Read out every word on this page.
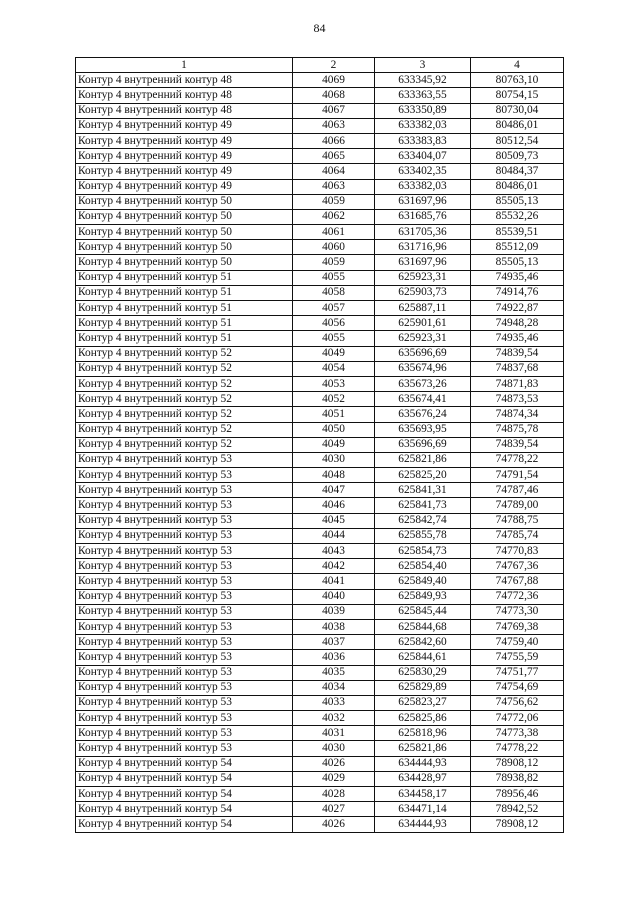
84
1	2	3	4
Контур 4 внутренний контур 48	4069	633345,92	80763,10
Контур 4 внутренний контур 48	4068	633363,55	80754,15
Контур 4 внутренний контур 48	4067	633350,89	80730,04
Контур 4 внутренний контур 49	4063	633382,03	80486,01
Контур 4 внутренний контур 49	4066	633383,83	80512,54
Контур 4 внутренний контур 49	4065	633404,07	80509,73
Контур 4 внутренний контур 49	4064	633402,35	80484,37
Контур 4 внутренний контур 49	4063	633382,03	80486,01
Контур 4 внутренний контур 50	4059	631697,96	85505,13
Контур 4 внутренний контур 50	4062	631685,76	85532,26
Контур 4 внутренний контур 50	4061	631705,36	85539,51
Контур 4 внутренний контур 50	4060	631716,96	85512,09
Контур 4 внутренний контур 50	4059	631697,96	85505,13
Контур 4 внутренний контур 51	4055	625923,31	74935,46
Контур 4 внутренний контур 51	4058	625903,73	74914,76
Контур 4 внутренний контур 51	4057	625887,11	74922,87
Контур 4 внутренний контур 51	4056	625901,61	74948,28
Контур 4 внутренний контур 51	4055	625923,31	74935,46
Контур 4 внутренний контур 52	4049	635696,69	74839,54
Контур 4 внутренний контур 52	4054	635674,96	74837,68
Контур 4 внутренний контур 52	4053	635673,26	74871,83
Контур 4 внутренний контур 52	4052	635674,41	74873,53
Контур 4 внутренний контур 52	4051	635676,24	74874,34
Контур 4 внутренний контур 52	4050	635693,95	74875,78
Контур 4 внутренний контур 52	4049	635696,69	74839,54
Контур 4 внутренний контур 53	4030	625821,86	74778,22
Контур 4 внутренний контур 53	4048	625825,20	74791,54
Контур 4 внутренний контур 53	4047	625841,31	74787,46
Контур 4 внутренний контур 53	4046	625841,73	74789,00
Контур 4 внутренний контур 53	4045	625842,74	74788,75
Контур 4 внутренний контур 53	4044	625855,78	74785,74
Контур 4 внутренний контур 53	4043	625854,73	74770,83
Контур 4 внутренний контур 53	4042	625854,40	74767,36
Контур 4 внутренний контур 53	4041	625849,40	74767,88
Контур 4 внутренний контур 53	4040	625849,93	74772,36
Контур 4 внутренний контур 53	4039	625845,44	74773,30
Контур 4 внутренний контур 53	4038	625844,68	74769,38
Контур 4 внутренний контур 53	4037	625842,60	74759,40
Контур 4 внутренний контур 53	4036	625844,61	74755,59
Контур 4 внутренний контур 53	4035	625830,29	74751,77
Контур 4 внутренний контур 53	4034	625829,89	74754,69
Контур 4 внутренний контур 53	4033	625823,27	74756,62
Контур 4 внутренний контур 53	4032	625825,86	74772,06
Контур 4 внутренний контур 53	4031	625818,96	74773,38
Контур 4 внутренний контур 53	4030	625821,86	74778,22
Контур 4 внутренний контур 54	4026	634444,93	78908,12
Контур 4 внутренний контур 54	4029	634428,97	78938,82
Контур 4 внутренний контур 54	4028	634458,17	78956,46
Контур 4 внутренний контур 54	4027	634471,14	78942,52
Контур 4 внутренний контур 54	4026	634444,93	78908,12
